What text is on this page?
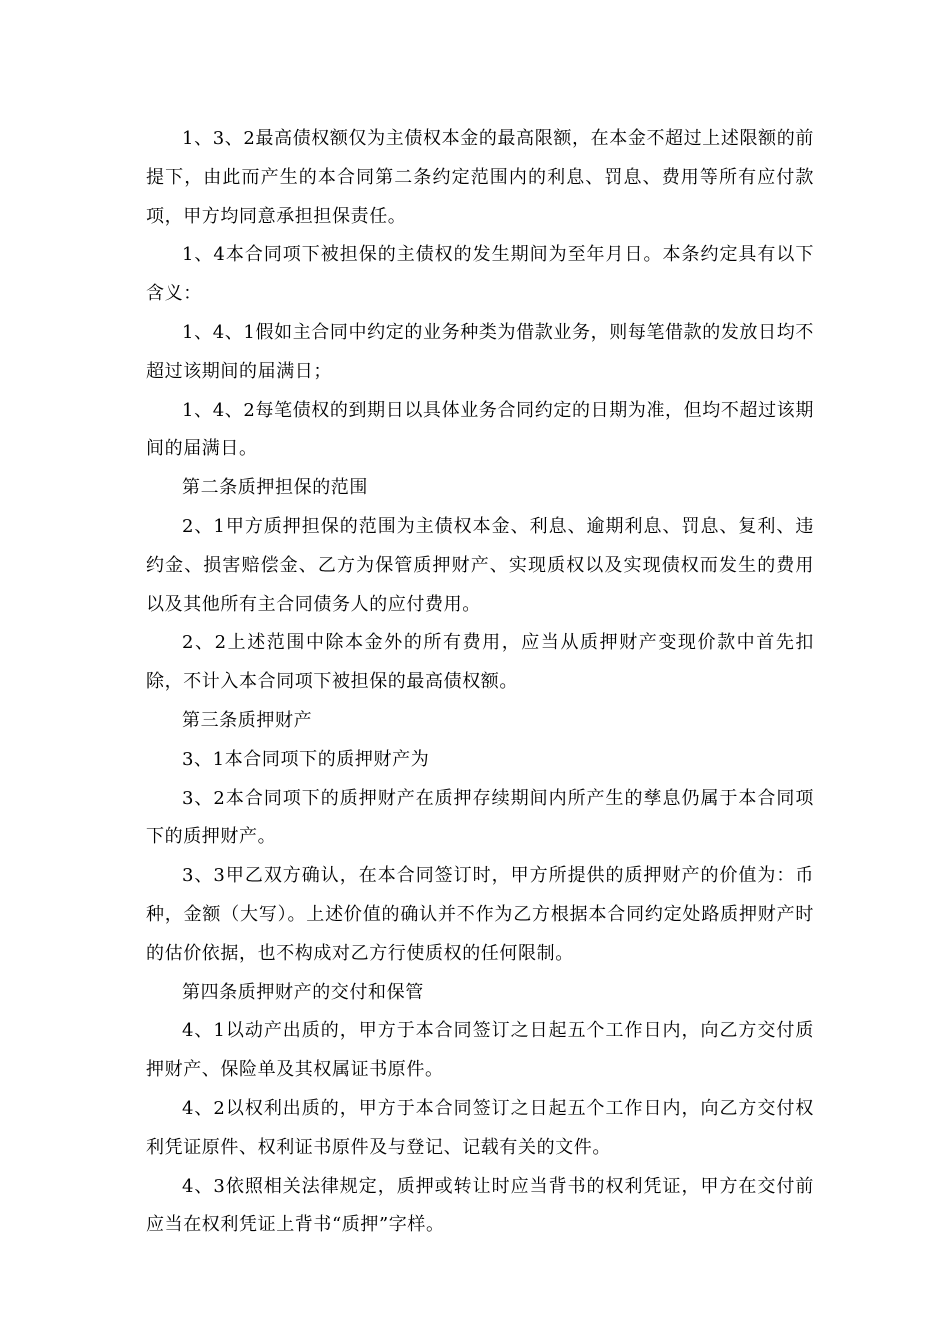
1、3、2最高债权额仅为主债权本金的最高限额，在本金不超过上述限额的前提下，由此而产生的本合同第二条约定范围内的利息、罚息、费用等所有应付款项，甲方均同意承担担保责任。

1、4本合同项下被担保的主债权的发生期间为至年月日。本条约定具有以下含义：

1、4、1假如主合同中约定的业务种类为借款业务，则每笔借款的发放日均不超过该期间的届满日；

1、4、2每笔债权的到期日以具体业务合同约定的日期为准，但均不超过该期间的届满日。

第二条质押担保的范围

2、1甲方质押担保的范围为主债权本金、利息、逾期利息、罚息、复利、违约金、损害赔偿金、乙方为保管质押财产、实现质权以及实现债权而发生的费用以及其他所有主合同债务人的应付费用。

2、2上述范围中除本金外的所有费用，应当从质押财产变现价款中首先扣除，不计入本合同项下被担保的最高债权额。

第三条质押财产

3、1本合同项下的质押财产为

3、2本合同项下的质押财产在质押存续期间内所产生的孳息仍属于本合同项下的质押财产。

3、3甲乙双方确认，在本合同签订时，甲方所提供的质押财产的价值为：币种，金额（大写）。上述价值的确认并不作为乙方根据本合同约定处路质押财产时的估价依据，也不构成对乙方行使质权的任何限制。

第四条质押财产的交付和保管

4、1以动产出质的，甲方于本合同签订之日起五个工作日内，向乙方交付质押财产、保险单及其权属证书原件。

4、2以权利出质的，甲方于本合同签订之日起五个工作日内，向乙方交付权利凭证原件、权利证书原件及与登记、记载有关的文件。

4、3依照相关法律规定，质押或转让时应当背书的权利凭证，甲方在交付前应当在权利凭证上背书“质押”字样。
